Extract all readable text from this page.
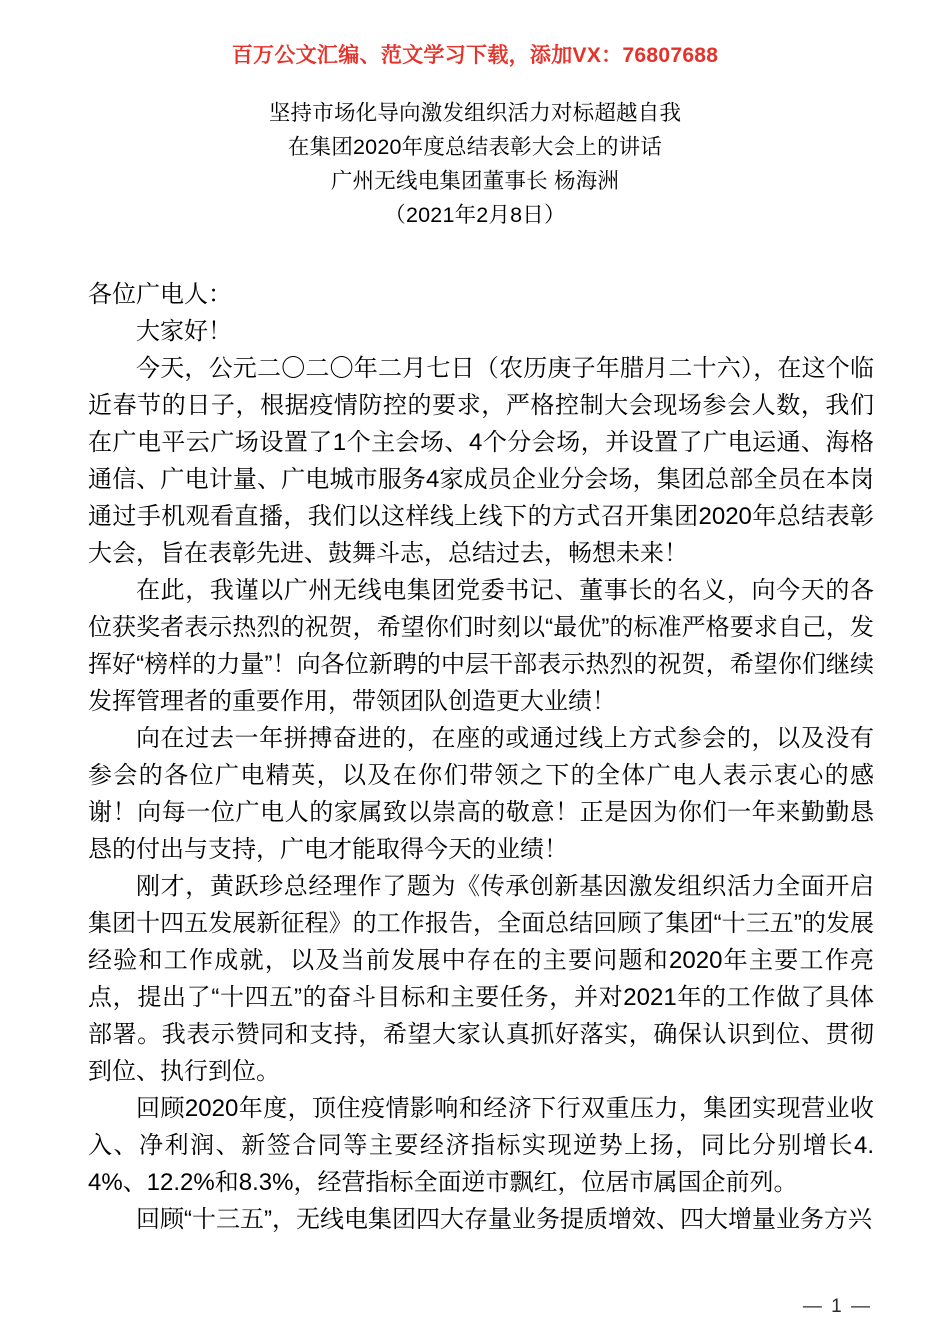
百万公文汇编、范文学习下载，添加VX：76807688
坚持市场化导向激发组织活力对标超越自我
在集团2020年度总结表彰大会上的讲话
广州无线电集团董事长 杨海洲
（2021年2月8日）

各位广电人：

大家好！

今天，公元二〇二〇年二月七日（农历庚子年腊月二十六），在这个临近春节的日子，根据疫情防控的要求，严格控制大会现场参会人数，我们在广电平云广场设置了1个主会场、4个分会场，并设置了广电运通、海格通信、广电计量、广电城市服务4家成员企业分会场，集团总部全员在本岗通过手机观看直播，我们以这样线上线下的方式召开集团2020年总结表彰大会，旨在表彰先进、鼓舞斗志，总结过去，畅想未来！

在此，我谨以广州无线电集团党委书记、董事长的名义，向今天的各位获奖者表示热烈的祝贺，希望你们时刻以“最优”的标准严格要求自己，发挥好“榜样的力量”！向各位新聘的中层干部表示热烈的祝贺，希望你们继续发挥管理者的重要作用，带领团队创造更大业绩！

向在过去一年拼搏奋进的，在座的或通过线上方式参会的，以及没有参会的各位广电精英，以及在你们带领之下的全体广电人表示衷心的感谢！向每一位广电人的家属致以崇高的敬意！正是因为你们一年来勤勤恳恳的付出与支持，广电才能取得今天的业绩！

刚才，黄跃珍总经理作了题为《传承创新基因激发组织活力全面开启集团十四五发展新征程》的工作报告，全面总结回顾了集团“十三五”的发展经验和工作成就，以及当前发展中存在的主要问题和2020年主要工作亮点，提出了“十四五”的奋斗目标和主要任务，并对2021年的工作做了具体部署。我表示赞同和支持，希望大家认真抓好落实，确保认识到位、贯彻到位、执行到位。

回顾2020年度，顶住疫情影响和经济下行双重压力，集团实现营业收入、净利润、新签合同等主要经济指标实现逆势上扬，同比分别增长4.4%、12.2%和8.3%，经营指标全面逆市飘红，位居市属国企前列。

回顾“十三五”，无线电集团四大存量业务提质增效、四大增量业务方兴

— 1 —
